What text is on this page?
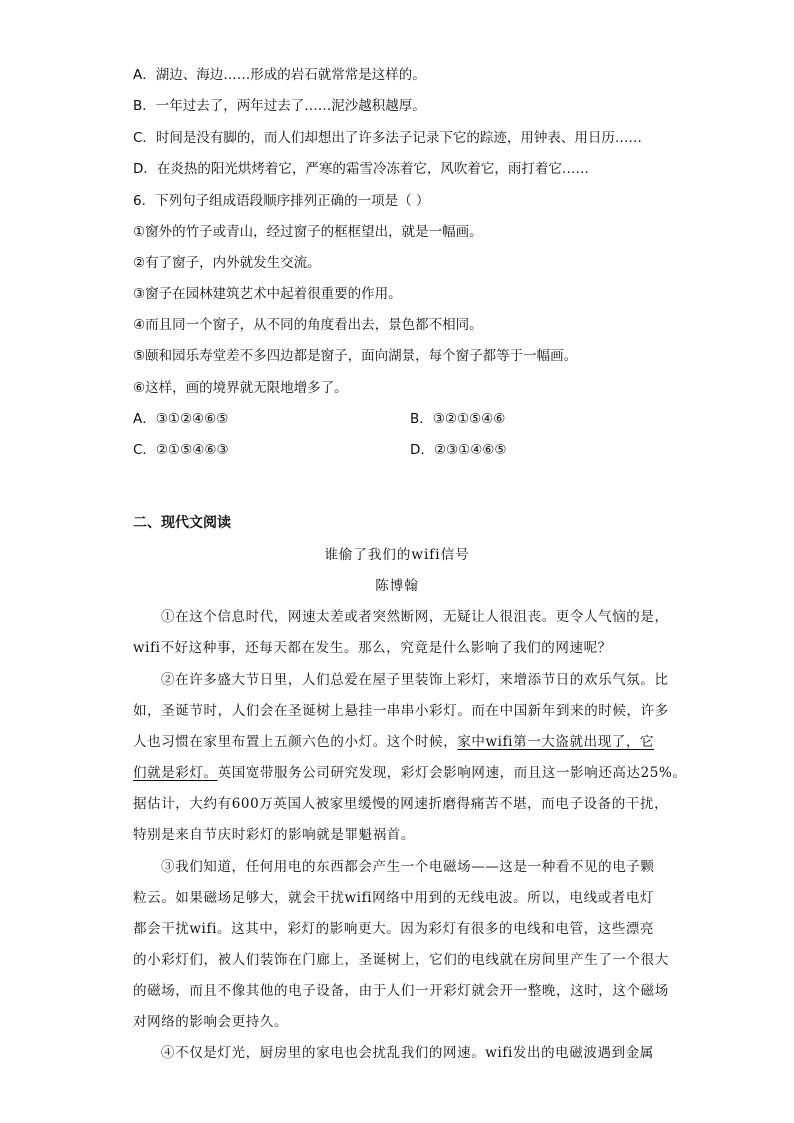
A．湖边、海边……形成的岩石就常常是这样的。
B．一年过去了，两年过去了……泥沙越积越厚。
C．时间是没有脚的，而人们却想出了许多法子记录下它的踪迹，用钟表、用日历……
D．在炎热的阳光烘烤着它，严寒的霜雪冷冻着它，风吹着它，雨打着它……
6．下列句子组成语段顺序排列正确的一项是（ ）
①窗外的竹子或青山，经过窗子的框框望出，就是一幅画。
②有了窗子，内外就发生交流。
③窗子在园林建筑艺术中起着很重要的作用。
④而且同一个窗子，从不同的角度看出去，景色都不相同。
⑤颐和园乐寿堂差不多四边都是窗子，面向湖景，每个窗子都等于一幅画。
⑥这样，画的境界就无限地增多了。
A．③①②④⑥⑤	B．③②①⑤④⑥
C．②①⑤④⑥③	D．②③①④⑥⑤
二、现代文阅读
谁偷了我们的wifi信号
陈博翰
①在这个信息时代，网速太差或者突然断网，无疑让人很沮丧。更令人气恼的是，
wifi不好这种事，还每天都在发生。那么，究竟是什么影响了我们的网速呢？
②在许多盛大节日里，人们总爱在屋子里装饰上彩灯，来增添节日的欢乐气氛。比
如，圣诞节时，人们会在圣诞树上悬挂一串串小彩灯。而在中国新年到来的时候，许多
人也习惯在家里布置上五颜六色的小灯。这个时候，家中wifi第一大盗就出现了，它
们就是彩灯。英国宽带服务公司研究发现，彩灯会影响网速，而且这一影响还高达25%。
据估计，大约有600万英国人被家里缓慢的网速折磨得痛苦不堪，而电子设备的干扰，
特别是来自节庆时彩灯的影响就是罪魁祸首。
③我们知道，任何用电的东西都会产生一个电磁场——这是一种看不见的电子颗
粒云。如果磁场足够大，就会干扰wifi网络中用到的无线电波。所以，电线或者电灯
都会干扰wifi。这其中，彩灯的影响更大。因为彩灯有很多的电线和电管，这些漂亮
的小彩灯们，被人们装饰在门廊上，圣诞树上，它们的电线就在房间里产生了一个很大
的磁场，而且不像其他的电子设备，由于人们一开彩灯就会开一整晚，这时，这个磁场
对网络的影响会更持久。
④不仅是灯光，厨房里的家电也会扰乱我们的网速。wifi发出的电磁波遇到金属
